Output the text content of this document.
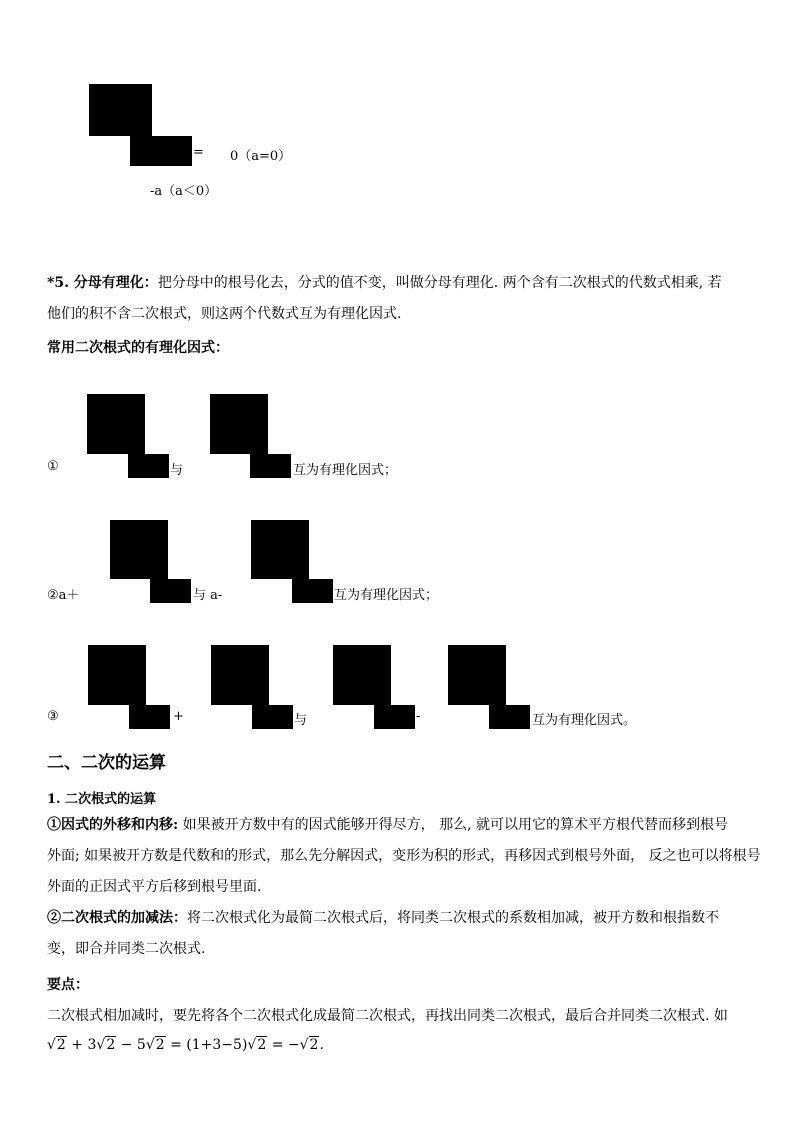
= 0（a=0）
-a（a＜0）
*5. 分母有理化：把分母中的根号化去，分式的值不变，叫做分母有理化. 两个含有二次根式的代数式相乘, 若
他们的积不含二次根式，则这两个代数式互为有理化因式.
常用二次根式的有理化因式：
①	与	互为有理化因式；
②a＋	与 a-	互为有理化因式；
③	+	与	-	互为有理化因式。
二、二次的运算
1. 二次根式的运算
①因式的外移和内移: 如果被开方数中有的因式能够开得尽方， 那么, 就可以用它的算术平方根代替而移到根号
外面; 如果被开方数是代数和的形式，那么先分解因式，变形为积的形式，再移因式到根号外面， 反之也可以将根号
外面的正因式平方后移到根号里面.
②二次根式的加减法：将二次根式化为最简二次根式后，将同类二次根式的系数相加减，被开方数和根指数不
变，即合并同类二次根式.
要点：
二次根式相加减时，要先将各个二次根式化成最简二次根式，再找出同类二次根式，最后合并同类二次根式. 如
√2 + 3√2 − 5√2 = (1+3−5)√2 = −√2.
